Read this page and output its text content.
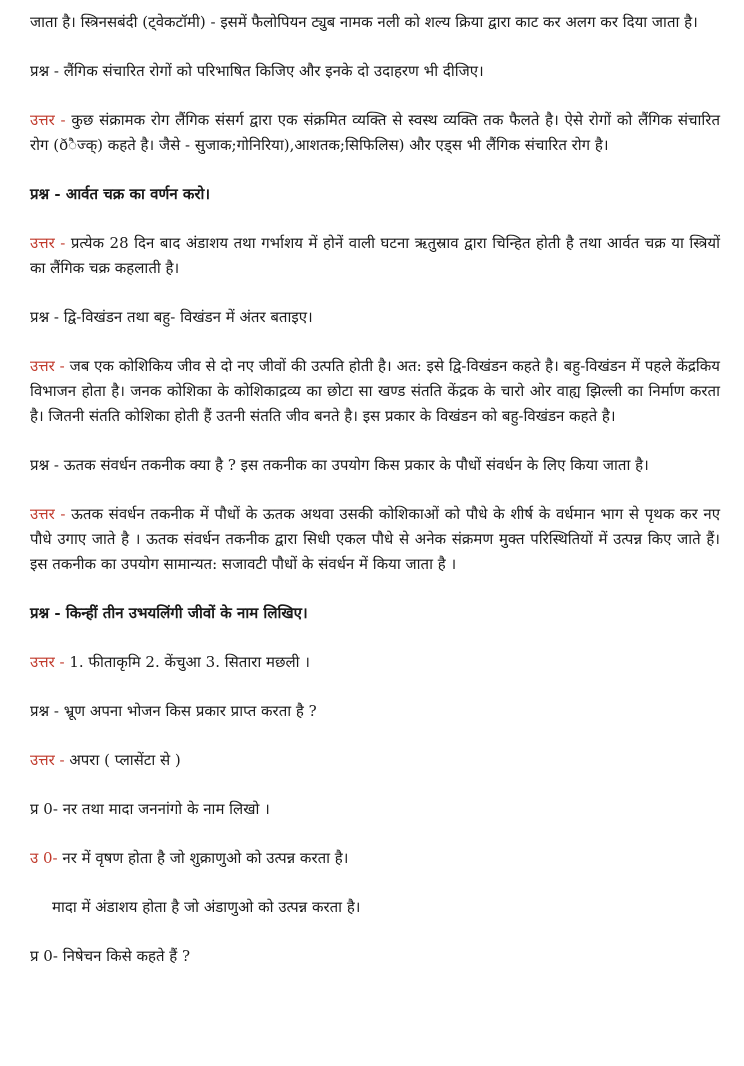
जाता है। स्त्रिनसबंदी (ट्वेकटॉमी) - इसमें फैलोपियन ट्युब नामक नली को शल्य क्रिया द्वारा काट कर अलग कर दिया जाता है।

प्रश्न - लैंगिक संचारित रोगों को परिभाषित किजिए और इनके दो उदाहरण भी दीजिए।

उत्तर - कुछ संक्रामक रोग लैंगिक संसर्ग द्वारा एक संक्रमित व्यक्ति से स्वस्थ व्यक्ति तक फैलते है। ऐसे रोगों को लैंगिक संचारित रोग (ðैज्क्) कहते है। जैसे - सुजाक;गोनिरिया),आशतक;सिफिलिस) और एड्स भी लैंगिक संचारित रोग है।

प्रश्न - आर्वत चक्र का वर्णन करो।

उत्तर - प्रत्येक 28 दिन बाद अंडाशय तथा गर्भाशय में होनें वाली घटना ऋतुस्राव द्वारा चिन्हित होती है तथा आर्वत चक्र या स्त्रियों का लैंगिक चक्र कहलाती है।

प्रश्न - द्वि-विखंडन तथा बहु- विखंडन में अंतर बताइए।

उत्तर - जब एक कोशिकिय जीव से दो नए जीवों की उत्पति होती है। अत: इसे द्वि-विखंडन कहते है। बहु-विखंडन में पहले केंद्रकिय विभाजन होता है। जनक कोशिका के कोशिकाद्रव्य का छोटा सा खण्ड संतति केंद्रक के चारो ओर वाह्य झिल्ली का निर्माण करता है। जितनी संतति कोशिका होती हैं उतनी संतति जीव बनते है। इस प्रकार के विखंडन को बहु-विखंडन कहते है।

प्रश्न - ऊतक संवर्धन तकनीक क्या है ? इस तकनीक का उपयोग किस प्रकार के पौधों संवर्धन के लिए किया जाता है।

उत्तर - ऊतक संवर्धन तकनीक में पौधों के ऊतक अथवा उसकी कोशिकाओं को पौधे के शीर्ष के वर्धमान भाग से पृथक कर नए पौधे उगाए जाते है । ऊतक संवर्धन तकनीक द्वारा सिधी एकल पौधे से अनेक संक्रमण मुक्त परिस्थितियों में उत्पन्न किए जाते हैं। इस तकनीक का उपयोग सामान्यत: सजावटी पौधों के संवर्धन में किया जाता है ।

प्रश्न - किन्हीं तीन उभयलिंगी जीवों के नाम लिखिए।

उत्तर - 1. फीताकृमि 2. केंचुआ 3. सितारा मछली ।

प्रश्न - भ्रूण अपना भोजन किस प्रकार प्राप्त करता है ?

उत्तर - अपरा ( प्लासेंटा से )

प्र 0- नर तथा मादा जननांगो के नाम लिखो ।

उ 0- नर में वृषण होता है जो शुक्राणुओ को उत्पन्न करता है।

मादा में अंडाशय होता है जो अंडाणुओ को उत्पन्न करता है।

प्र 0- निषेचन किसे कहते हैं ?
